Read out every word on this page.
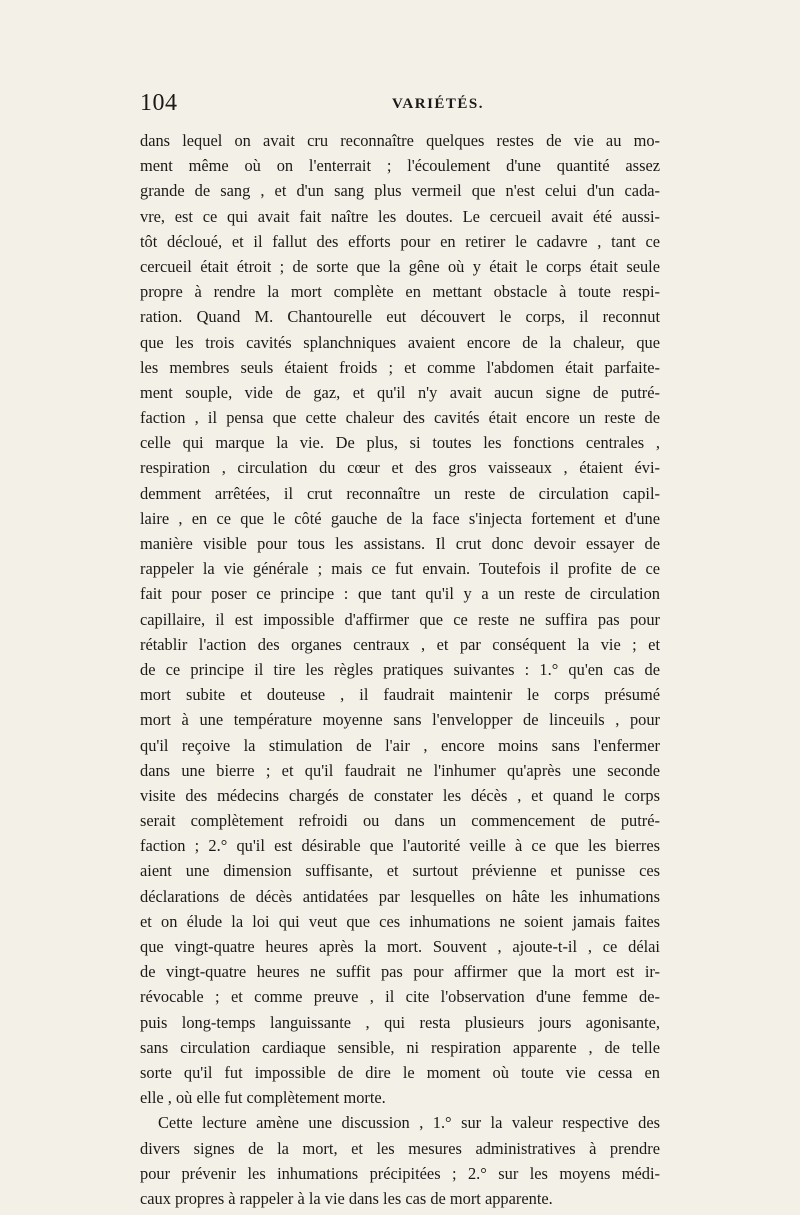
104	VARIÉTÉS.
dans lequel on avait cru reconnaître quelques restes de vie au mo-
ment même où on l'enterrait ; l'écoulement d'une quantité assez
grande de sang , et d'un sang plus vermeil que n'est celui d'un cada-
vre, est ce qui avait fait naître les doutes. Le cercueil avait été aussi-
tôt décloué, et il fallut des efforts pour en retirer le cadavre , tant ce
cercueil était étroit ; de sorte que la gêne où y était le corps était seule
propre à rendre la mort complète en mettant obstacle à toute respi-
ration. Quand M. Chantourelle eut découvert le corps, il reconnut
que les trois cavités splanchniques avaient encore de la chaleur, que
les membres seuls étaient froids ; et comme l'abdomen était parfaite-
ment souple, vide de gaz, et qu'il n'y avait aucun signe de putré-
faction , il pensa que cette chaleur des cavités était encore un reste de
celle qui marque la vie. De plus, si toutes les fonctions centrales ,
respiration , circulation du cœur et des gros vaisseaux , étaient évi-
demment arrêtées, il crut reconnaître un reste de circulation capil-
laire , en ce que le côté gauche de la face s'injecta fortement et d'une
manière visible pour tous les assistans. Il crut donc devoir essayer de
rappeler la vie générale ; mais ce fut envain. Toutefois il profite de ce
fait pour poser ce principe : que tant qu'il y a un reste de circulation
capillaire, il est impossible d'affirmer que ce reste ne suffira pas pour
rétablir l'action des organes centraux , et par conséquent la vie ; et
de ce principe il tire les règles pratiques suivantes : 1.° qu'en cas de
mort subite et douteuse , il faudrait maintenir le corps présumé
mort à une température moyenne sans l'envelopper de linceuils , pour
qu'il reçoive la stimulation de l'air , encore moins sans l'enfermer
dans une bierre ; et qu'il faudrait ne l'inhumer qu'après une seconde
visite des médecins chargés de constater les décès , et quand le corps
serait complètement refroidi ou dans un commencement de putré-
faction ; 2.° qu'il est désirable que l'autorité veille à ce que les bierres
aient une dimension suffisante, et surtout prévienne et punisse ces
déclarations de décès antidatées par lesquelles on hâte les inhumations
et on élude la loi qui veut que ces inhumations ne soient jamais faites
que vingt-quatre heures après la mort. Souvent , ajoute-t-il , ce délai
de vingt-quatre heures ne suffit pas pour affirmer que la mort est ir-
révocable ; et comme preuve , il cite l'observation d'une femme de-
puis long-temps languissante , qui resta plusieurs jours agonisante,
sans circulation cardiaque sensible, ni respiration apparente , de telle
sorte qu'il fut impossible de dire le moment où toute vie cessa en
elle , où elle fut complètement morte.
Cette lecture amène une discussion , 1.° sur la valeur respective des
divers signes de la mort, et les mesures administratives à prendre
pour prévenir les inhumations précipitées ; 2.° sur les moyens médi-
caux propres à rappeler à la vie dans les cas de mort apparente.
